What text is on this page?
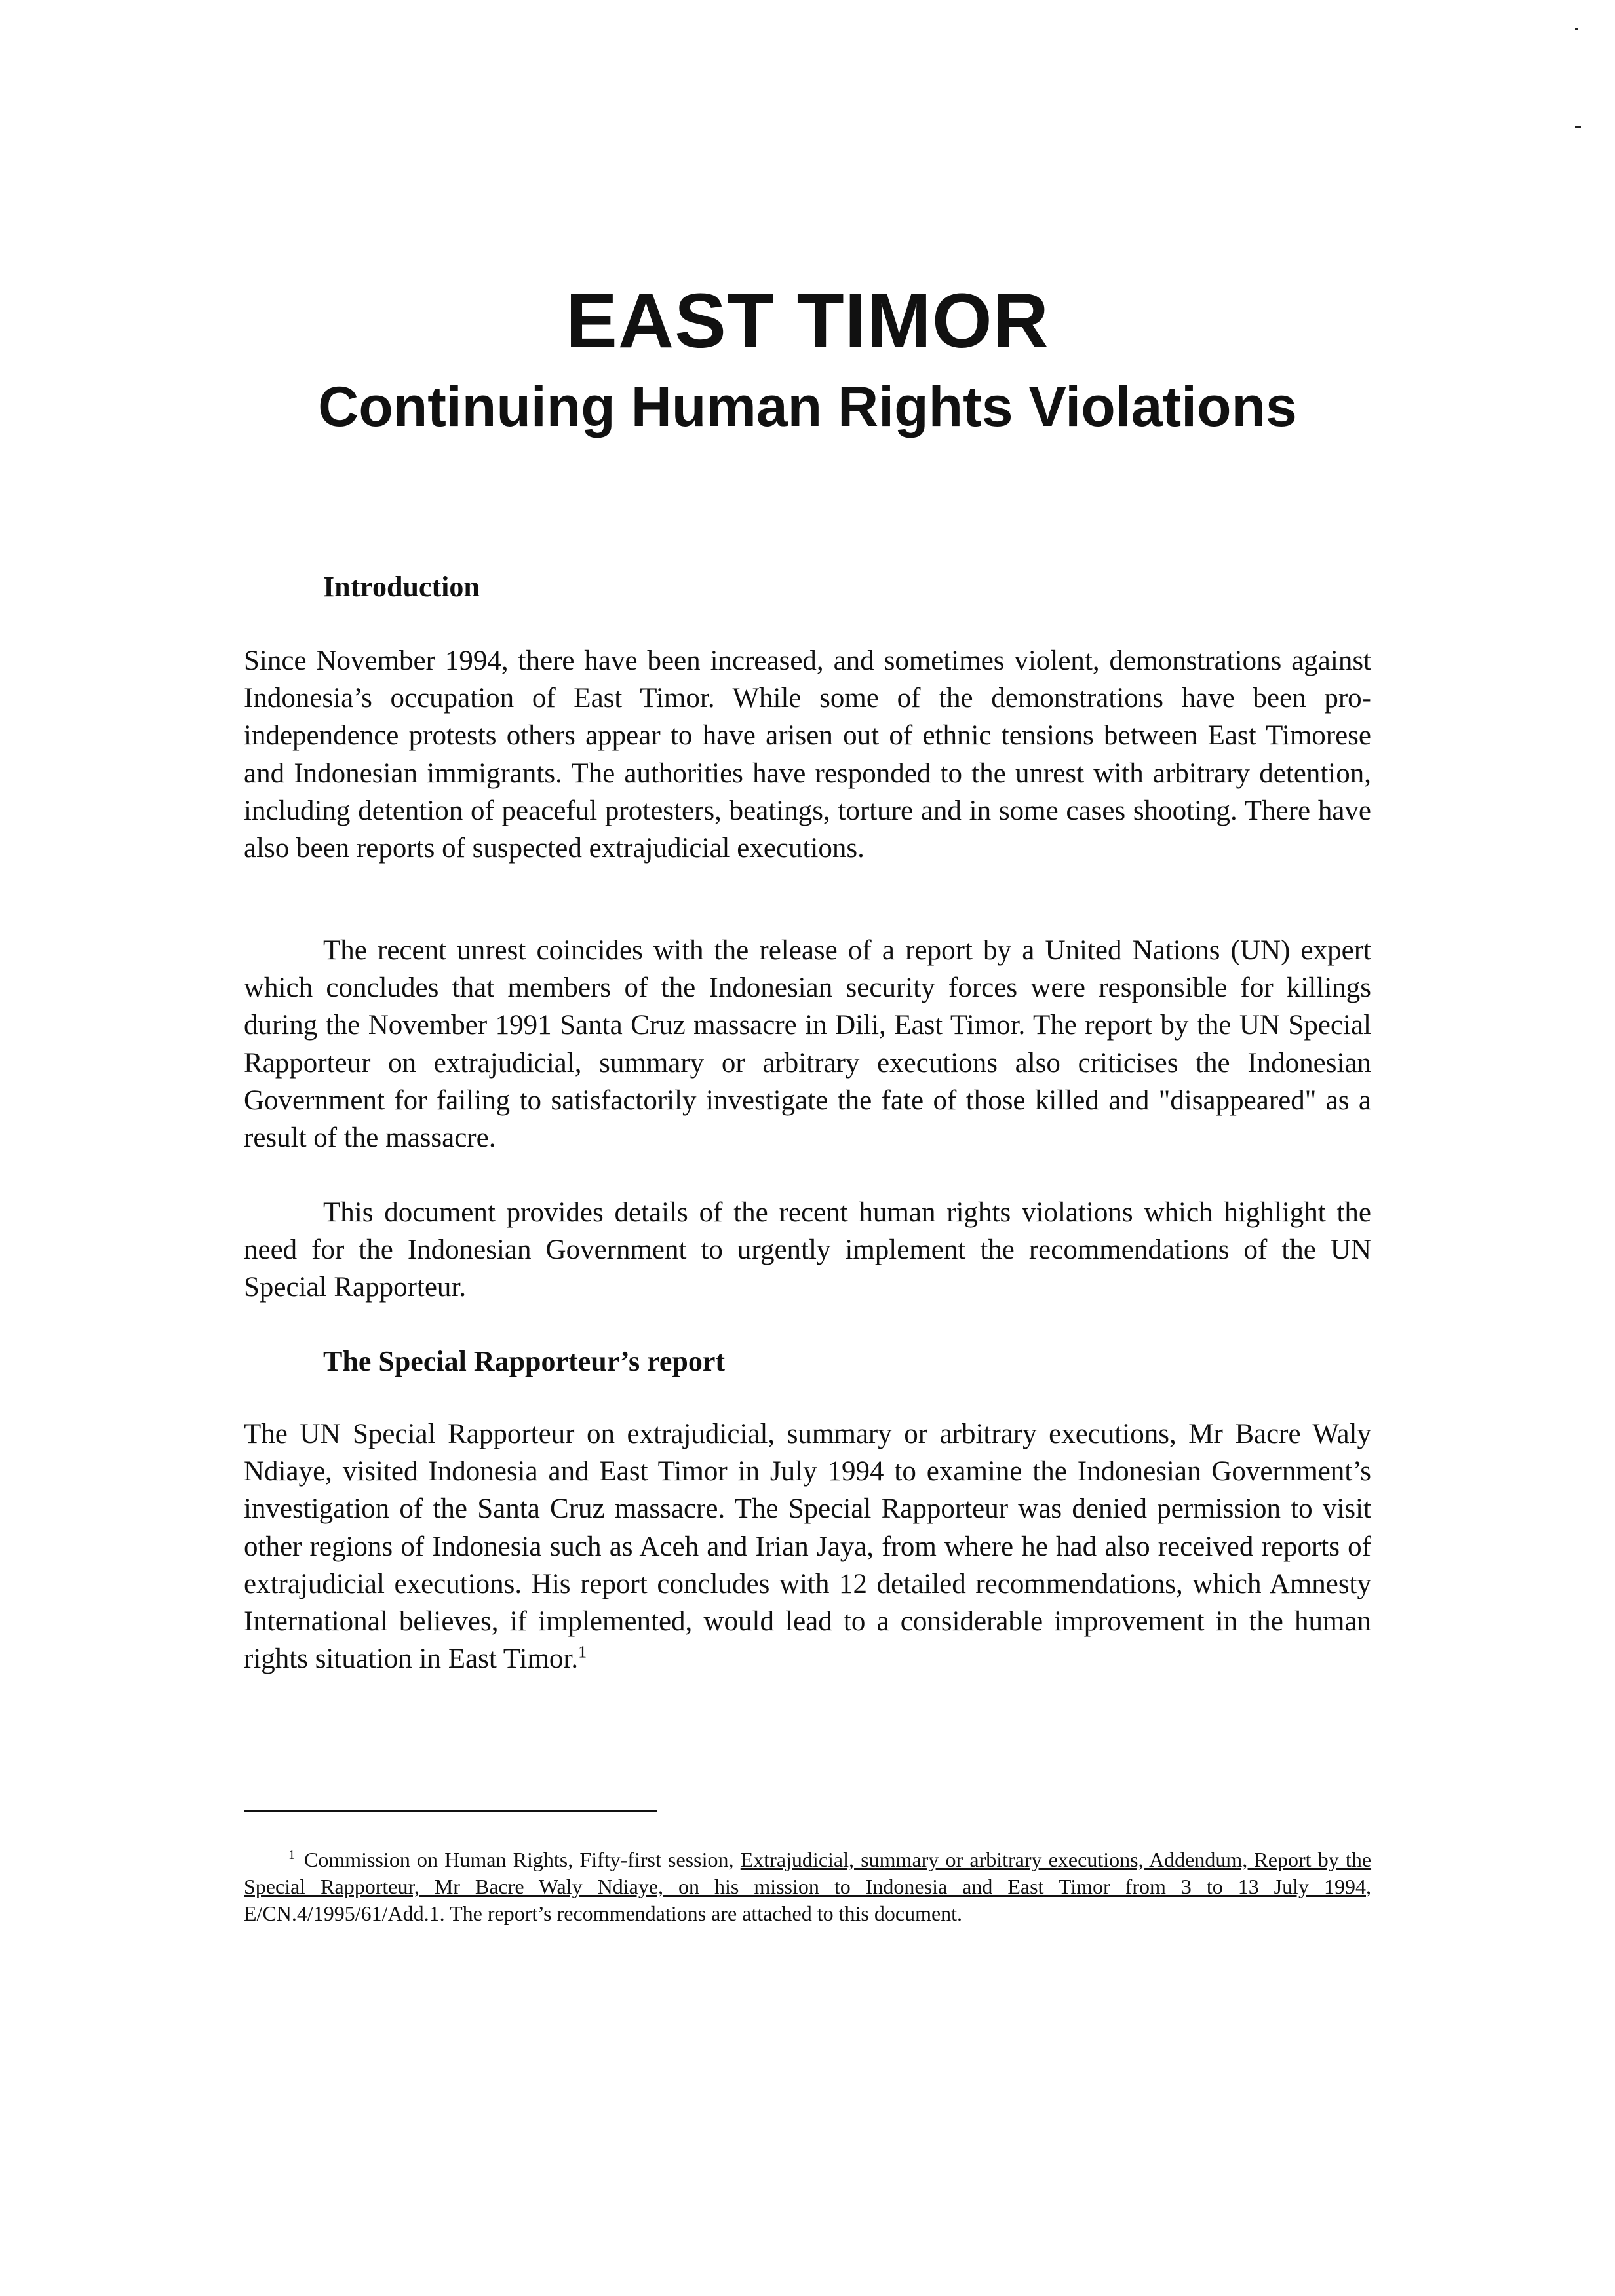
EAST TIMOR
Continuing Human Rights Violations
Introduction
Since November 1994, there have been increased, and sometimes violent, demonstrations against Indonesia’s occupation of East Timor. While some of the demonstrations have been pro-independence protests others appear to have arisen out of ethnic tensions between East Timorese and Indonesian immigrants. The authorities have responded to the unrest with arbitrary detention, including detention of peaceful protesters, beatings, torture and in some cases shooting. There have also been reports of suspected extrajudicial executions.
The recent unrest coincides with the release of a report by a United Nations (UN) expert which concludes that members of the Indonesian security forces were responsible for killings during the November 1991 Santa Cruz massacre in Dili, East Timor. The report by the UN Special Rapporteur on extrajudicial, summary or arbitrary executions also criticises the Indonesian Government for failing to satisfactorily investigate the fate of those killed and "disappeared" as a result of the massacre.
This document provides details of the recent human rights violations which highlight the need for the Indonesian Government to urgently implement the recommendations of the UN Special Rapporteur.
The Special Rapporteur’s report
The UN Special Rapporteur on extrajudicial, summary or arbitrary executions, Mr Bacre Waly Ndiaye, visited Indonesia and East Timor in July 1994 to examine the Indonesian Government’s investigation of the Santa Cruz massacre. The Special Rapporteur was denied permission to visit other regions of Indonesia such as Aceh and Irian Jaya, from where he had also received reports of extrajudicial executions. His report concludes with 12 detailed recommendations, which Amnesty International believes, if implemented, would lead to a considerable improvement in the human rights situation in East Timor.$^1$
$^1$ Commission on Human Rights, Fifty-first session, Extrajudicial, summary or arbitrary executions, Addendum, Report by the Special Rapporteur, Mr Bacre Waly Ndiaye, on his mission to Indonesia and East Timor from 3 to 13 July 1994, E/CN.4/1995/61/Add.1. The report’s recommendations are attached to this document.
